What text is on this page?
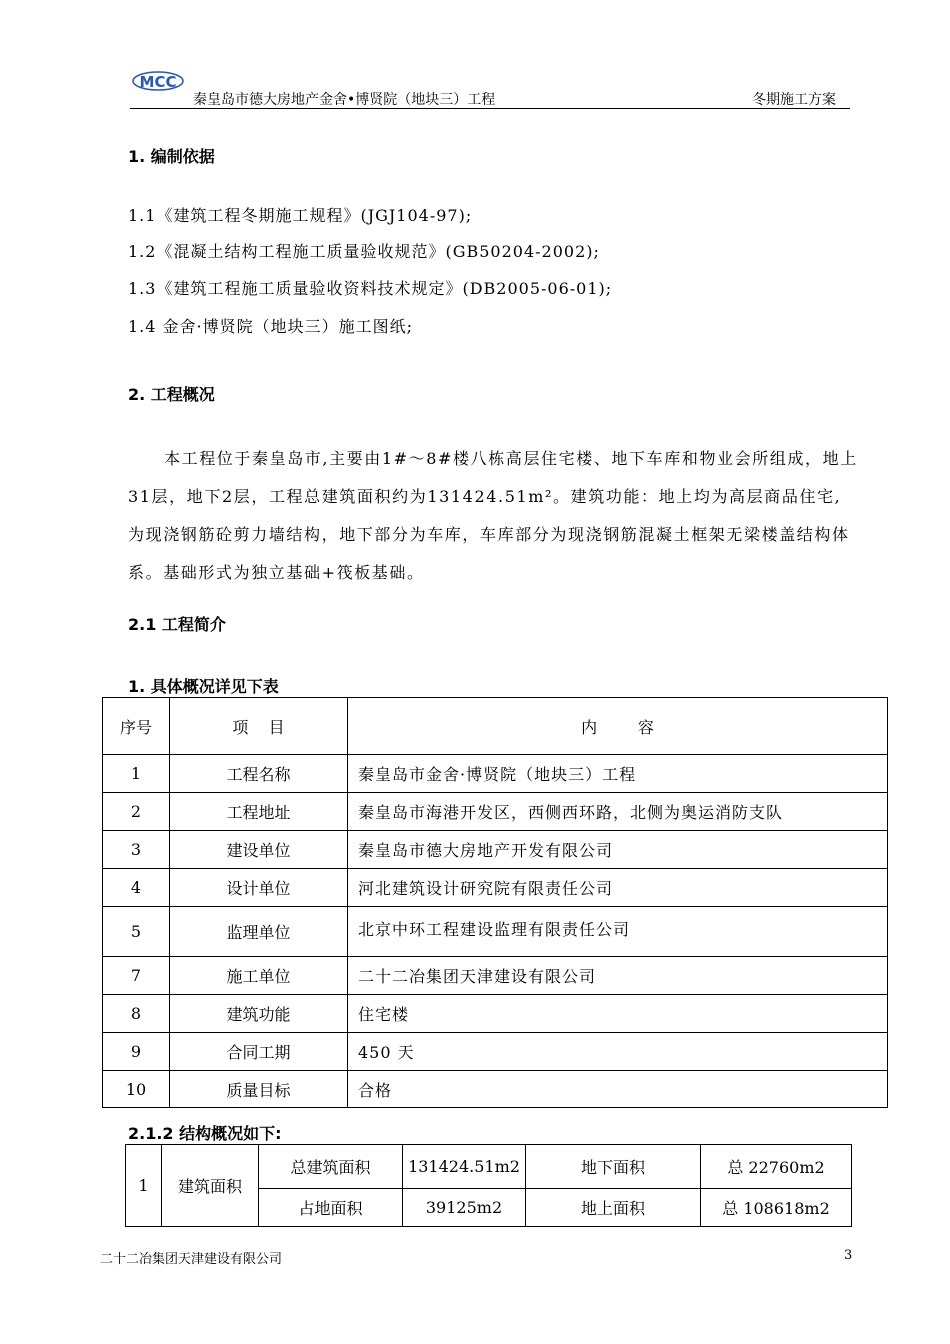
MCC
秦皇岛市德大房地产金舍•博贤院（地块三）工程	冬期施工方案
1. 编制依据
1.1《建筑工程冬期施工规程》(JGJ104-97);
1.2《混凝土结构工程施工质量验收规范》(GB50204-2002);
1.3《建筑工程施工质量验收资料技术规定》(DB2005-06-01);
1.4 金舍·博贤院（地块三）施工图纸;
2. 工程概况
本工程位于秦皇岛市,主要由1#～8#楼八栋高层住宅楼、地下车库和物业会所组成，地上31层，地下2层，工程总建筑面积约为131424.51m²。建筑功能：地上均为高层商品住宅,为现浇钢筋砼剪力墙结构，地下部分为车库，车库部分为现浇钢筋混凝土框架无梁楼盖结构体系。基础形式为独立基础+筏板基础。
2.1 工程简介
1. 具体概况详见下表
序号	项    目	内        容
1	工程名称	秦皇岛市金舍·博贤院（地块三）工程
2	工程地址	秦皇岛市海港开发区，西侧西环路，北侧为奥运消防支队
3	建设单位	秦皇岛市德大房地产开发有限公司
4	设计单位	河北建筑设计研究院有限责任公司
5	监理单位	北京中环工程建设监理有限责任公司
7	施工单位	二十二冶集团天津建设有限公司
8	建筑功能	住宅楼
9	合同工期	450 天
10	质量目标	合格
2.1.2 结构概况如下:
1	建筑面积	总建筑面积	131424.51m2	地下面积	总 22760m2
		占地面积	39125m2	地上面积	总 108618m2
二十二冶集团天津建设有限公司	3
